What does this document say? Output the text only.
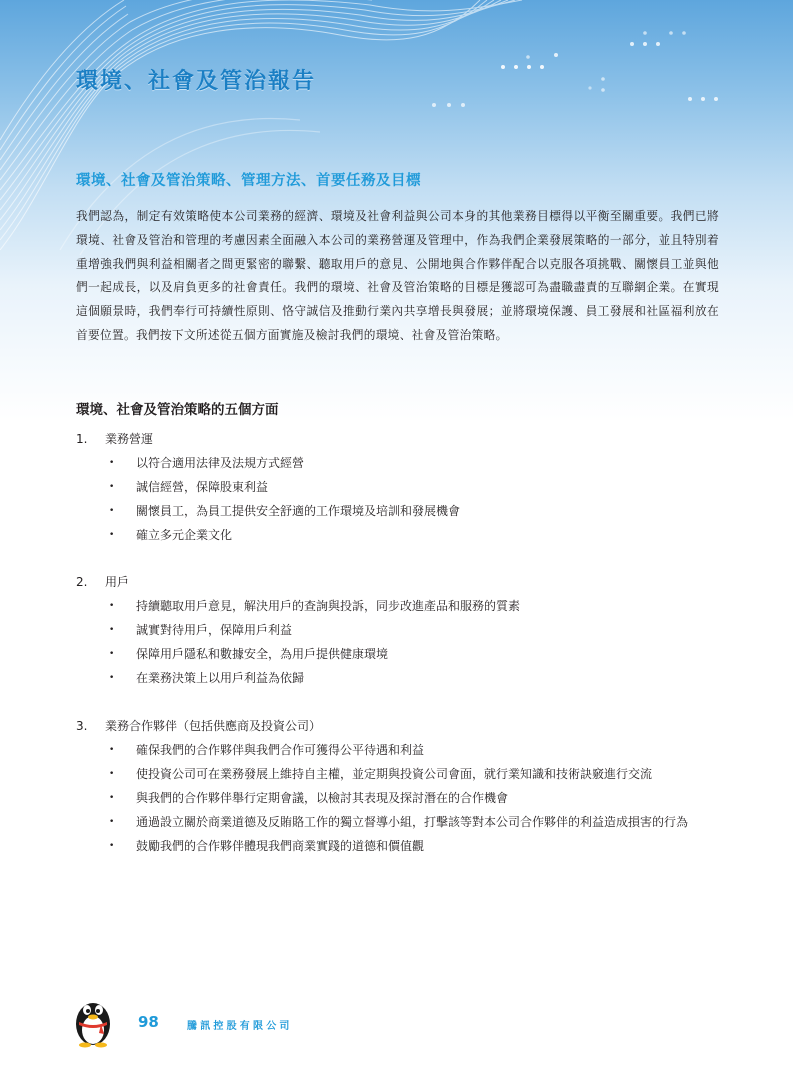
環境、社會及管治報告
環境、社會及管治策略、管理方法、首要任務及目標

我們認為，制定有效策略使本公司業務的經濟、環境及社會利益與公司本身的其他業務目標得以平衡至關重要。我們已將環境、社會及管治和管理的考慮因素全面融入本公司的業務營運及管理中，作為我們企業發展策略的一部分，並且特別着重增強我們與利益相關者之間更緊密的聯繫、聽取用戶的意見、公開地與合作夥伴配合以克服各項挑戰、關懷員工並與他們一起成長，以及肩負更多的社會責任。我們的環境、社會及管治策略的目標是獲認可為盡職盡責的互聯網企業。在實現這個願景時，我們奉行可持續性原則、恪守誠信及推動行業內共享增長與發展；並將環境保護、員工發展和社區福利放在首要位置。我們按下文所述從五個方面實施及檢討我們的環境、社會及管治策略。

環境、社會及管治策略的五個方面
1. 業務營運
• 以符合適用法律及法規方式經營
• 誠信經營，保障股東利益
• 關懷員工，為員工提供安全舒適的工作環境及培訓和發展機會
• 確立多元企業文化
2. 用戶
• 持續聽取用戶意見，解決用戶的查詢與投訴，同步改進產品和服務的質素
• 誠實對待用戶，保障用戶利益
• 保障用戶隱私和數據安全，為用戶提供健康環境
• 在業務決策上以用戶利益為依歸
3. 業務合作夥伴（包括供應商及投資公司）
• 確保我們的合作夥伴與我們合作可獲得公平待遇和利益
• 使投資公司可在業務發展上維持自主權，並定期與投資公司會面，就行業知識和技術訣竅進行交流
• 與我們的合作夥伴舉行定期會議，以檢討其表現及探討潛在的合作機會
• 通過設立關於商業道德及反賄賂工作的獨立督導小組，打擊該等對本公司合作夥伴的利益造成損害的行為
• 鼓勵我們的合作夥伴體現我們商業實踐的道德和價值觀
98	騰訊控股有限公司
